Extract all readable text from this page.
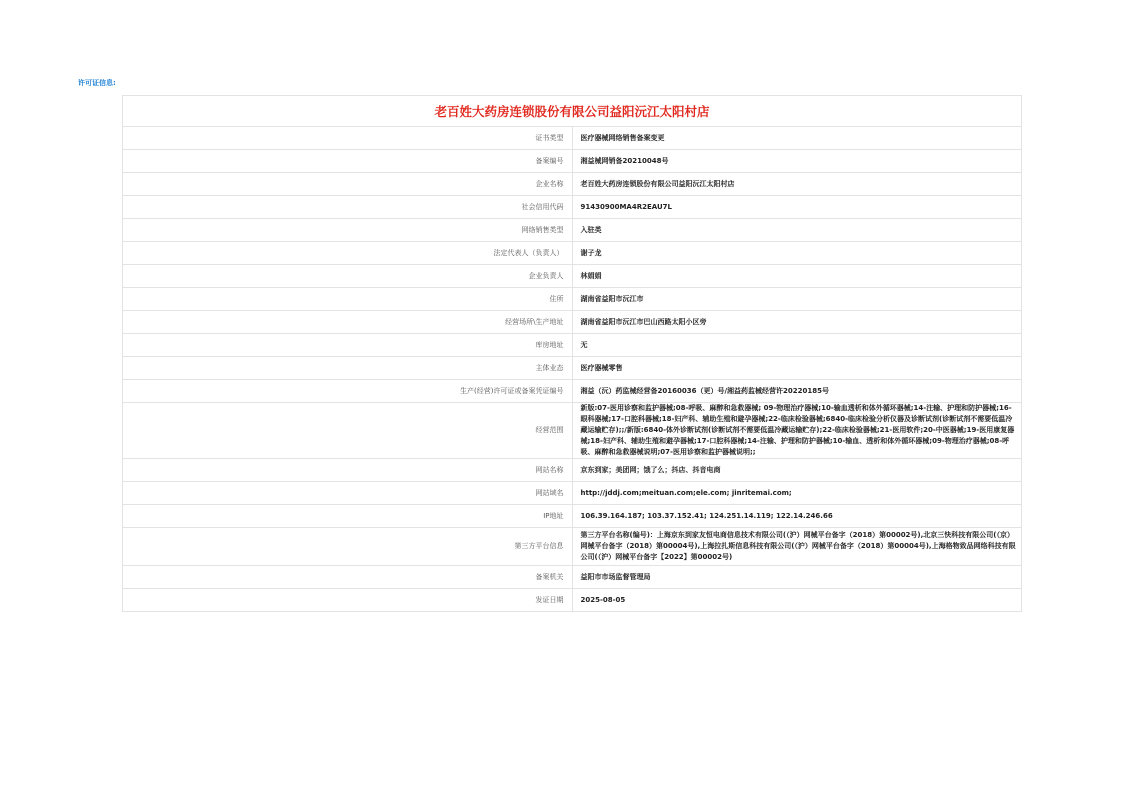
许可证信息:
老百姓大药房连锁股份有限公司益阳沅江太阳村店	
证书类型	医疗器械网络销售备案变更
备案编号	湘益械网销备20210048号
企业名称	老百姓大药房连锁股份有限公司益阳沅江太阳村店
社会信用代码	91430900MA4R2EAU7L
网络销售类型	入驻类
法定代表人（负责人）	谢子龙
企业负责人	林娟娟
住所	湖南省益阳市沅江市
经营场所\生产地址	湖南省益阳市沅江市巴山西路太阳小区旁
库房地址	无
主体业态	医疗器械零售
生产(经营)许可证或备案凭证编号	湘益（沅）药监械经营备20160036（更）号/湘益药监械经营许20220185号
经营范围	新版:07-医用诊察和监护器械;08-呼吸、麻醉和急救器械; 09-物理治疗器械;10-输血透析和体外循环器械;14-注输、护理和防护器械;16-眼科器械;17-口腔科器械;18-妇产科、辅助生殖和避孕器械;22-临床检验器械;6840-临床检验分析仪器及诊断试剂(诊断试剂不需要低温冷藏运输贮存);;/新版:6840-体外诊断试剂(诊断试剂不需要低温冷藏运输贮存);22-临床检验器械;21-医用软件;20-中医器械;19-医用康复器械;18-妇产科、辅助生殖和避孕器械;17-口腔科器械;14-注输、护理和防护器械;10-输血、透析和体外循环器械;09-物理治疗器械;08-呼吸、麻醉和急救器械说明;07-医用诊察和监护器械说明;;
网站名称	京东到家；美团网；饿了么；抖店、抖音电商
网站域名	http://jddj.com;meituan.com;ele.com; jinritemai.com;
IP地址	106.39.164.187; 103.37.152.41; 124.251.14.119; 122.14.246.66
第三方平台信息	第三方平台名称(编号)：上海京东到家友恒电商信息技术有限公司(（沪）网械平台备字（2018）第00002号),北京三快科技有限公司(（京）网械平台备字（2018）第00004号),上海拉扎斯信息科技有限公司(（沪）网械平台备字（2018）第00004号),上海格物致品网络科技有限公司(（沪）网械平台备字【2022】第00002号)
备案机关	益阳市市场监督管理局
发证日期	2025-08-05
